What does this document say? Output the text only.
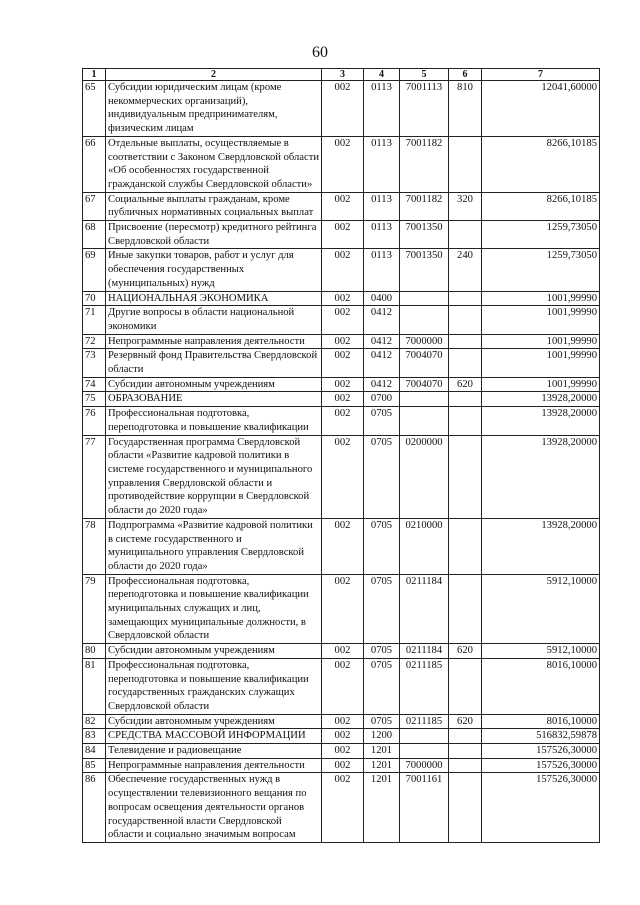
60
1	2	3	4	5	6	7
65	Субсидии юридическим лицам (кроме некоммерческих организаций), индивидуальным предпринимателям, физическим лицам	002	0113	7001113	810	12041,60000
66	Отдельные выплаты, осуществляемые в соответствии с Законом Свердловской области «Об особенностях государственной гражданской службы Свердловской области»	002	0113	7001182		8266,10185
67	Социальные выплаты гражданам, кроме публичных нормативных социальных выплат	002	0113	7001182	320	8266,10185
68	Присвоение (пересмотр) кредитного рейтинга Свердловской области	002	0113	7001350		1259,73050
69	Иные закупки товаров, работ и услуг для обеспечения государственных (муниципальных) нужд	002	0113	7001350	240	1259,73050
70	НАЦИОНАЛЬНАЯ ЭКОНОМИКА	002	0400			1001,99990
71	Другие вопросы в области национальной экономики	002	0412			1001,99990
72	Непрограммные направления деятельности	002	0412	7000000		1001,99990
73	Резервный фонд Правительства Свердловской области	002	0412	7004070		1001,99990
74	Субсидии автономным учреждениям	002	0412	7004070	620	1001,99990
75	ОБРАЗОВАНИЕ	002	0700			13928,20000
76	Профессиональная подготовка, переподготовка и повышение квалификации	002	0705			13928,20000
77	Государственная программа Свердловской области «Развитие кадровой политики в системе государственного и муниципального управления Свердловской области и противодействие коррупции в Свердловской области до 2020 года»	002	0705	0200000		13928,20000
78	Подпрограмма «Развитие кадровой политики в системе государственного и муниципального управления Свердловской области до 2020 года»	002	0705	0210000		13928,20000
79	Профессиональная подготовка, переподготовка и повышение квалификации муниципальных служащих и лиц, замещающих муниципальные должности, в Свердловской области	002	0705	0211184		5912,10000
80	Субсидии автономным учреждениям	002	0705	0211184	620	5912,10000
81	Профессиональная подготовка, переподготовка и повышение квалификации государственных гражданских служащих Свердловской области	002	0705	0211185		8016,10000
82	Субсидии автономным учреждениям	002	0705	0211185	620	8016,10000
83	СРЕДСТВА МАССОВОЙ ИНФОРМАЦИИ	002	1200			516832,59878
84	Телевидение и радиовещание	002	1201			157526,30000
85	Непрограммные направления деятельности	002	1201	7000000		157526,30000
86	Обеспечение государственных нужд в осуществлении телевизионного вещания по вопросам освещения деятельности органов государственной власти Свердловской области и социально значимым вопросам	002	1201	7001161		157526,30000
